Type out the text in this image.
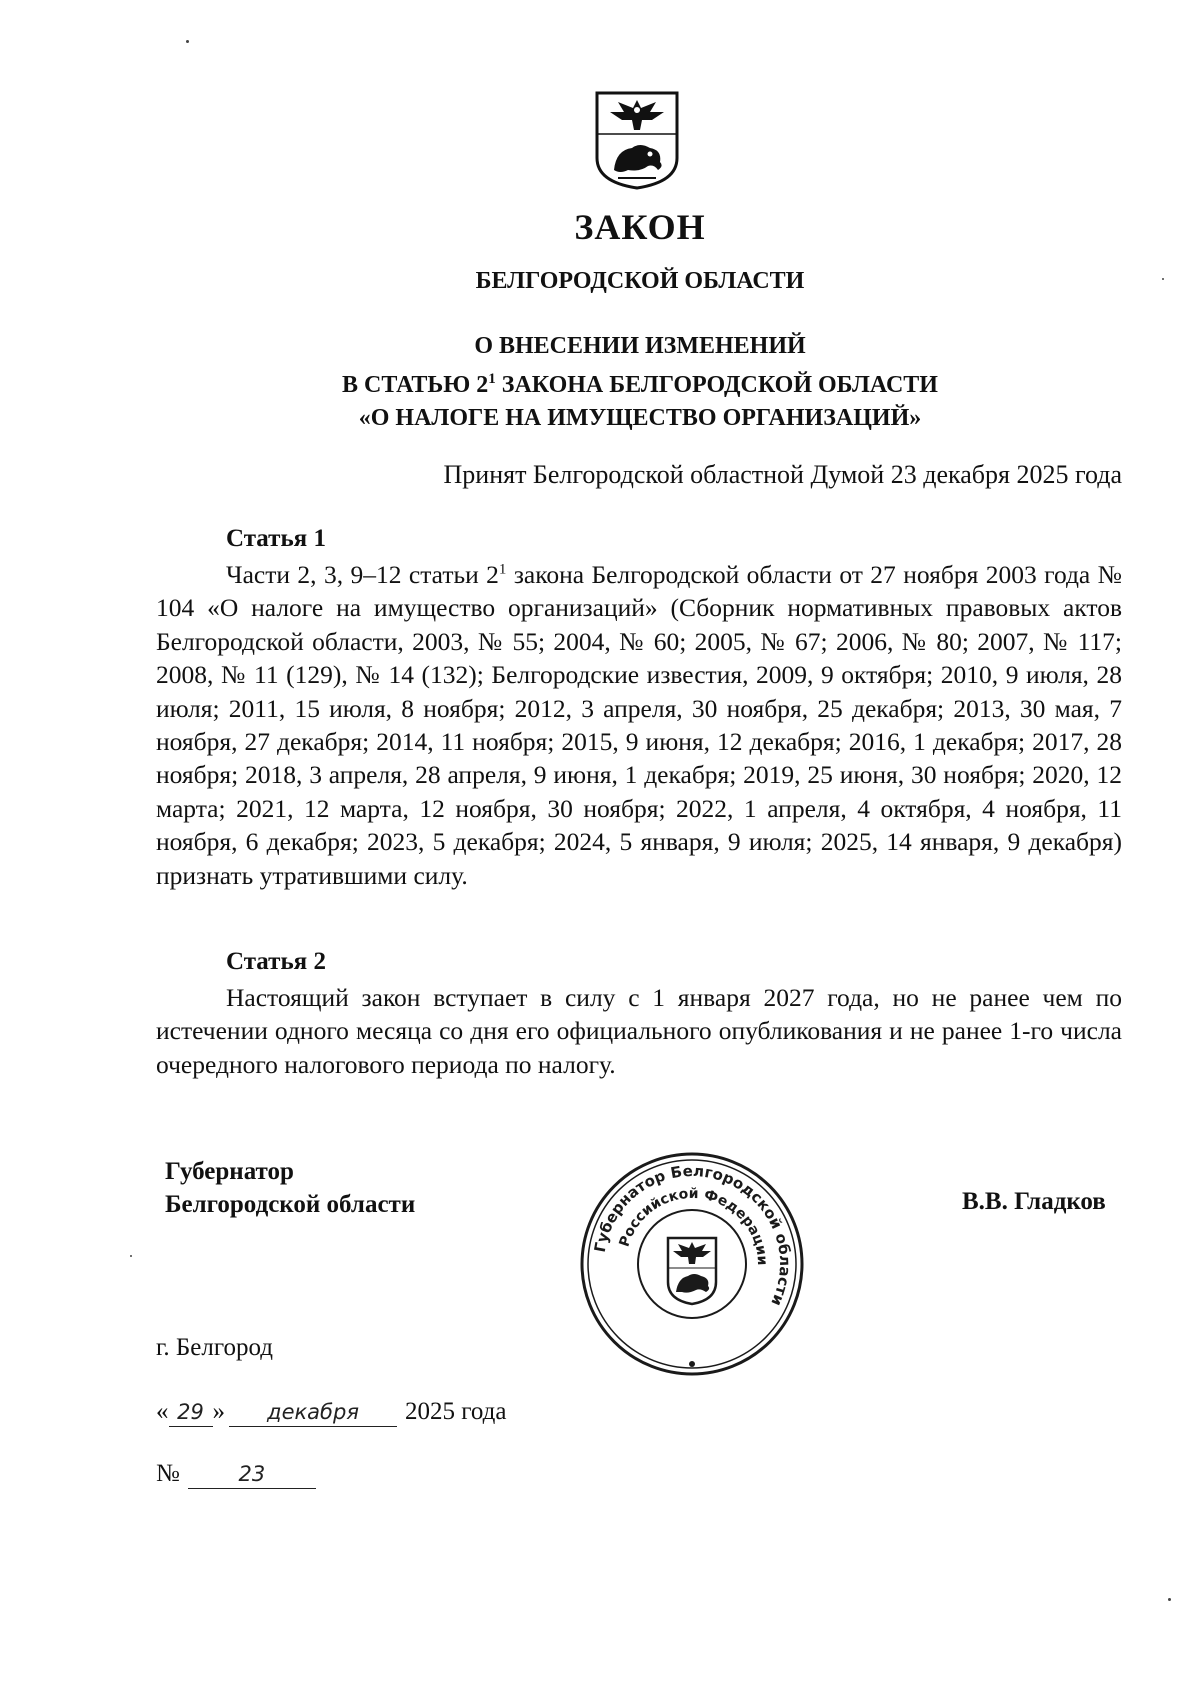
ЗАКОН
БЕЛГОРОДСКОЙ ОБЛАСТИ
О ВНЕСЕНИИ ИЗМЕНЕНИЙ
В СТАТЬЮ $2^1$ ЗАКОНА БЕЛГОРОДСКОЙ ОБЛАСТИ
«О НАЛОГЕ НА ИМУЩЕСТВО ОРГАНИЗАЦИЙ»
Принят Белгородской областной Думой 23 декабря 2025 года
Статья 1
Части 2, 3, 9–12 статьи $2^1$ закона Белгородской области от 27 ноября 2003 года № 104 «О налоге на имущество организаций» (Сборник нормативных правовых актов Белгородской области, 2003, № 55; 2004, № 60; 2005, № 67; 2006, № 80; 2007, № 117; 2008, № 11 (129), № 14 (132); Белгородские известия, 2009, 9 октября; 2010, 9 июля, 28 июля; 2011, 15 июля, 8 ноября; 2012, 3 апреля, 30 ноября, 25 декабря; 2013, 30 мая, 7 ноября, 27 декабря; 2014, 11 ноября; 2015, 9 июня, 12 декабря; 2016, 1 декабря; 2017, 28 ноября; 2018, 3 апреля, 28 апреля, 9 июня, 1 декабря; 2019, 25 июня, 30 ноября; 2020, 12 марта; 2021, 12 марта, 12 ноября, 30 ноября; 2022, 1 апреля, 4 октября, 4 ноября, 11 ноября, 6 декабря; 2023, 5 декабря; 2024, 5 января, 9 июля; 2025, 14 января, 9 декабря) признать утратившими силу.
Статья 2
Настоящий закон вступает в силу с 1 января 2027 года, но не ранее чем по истечении одного месяца со дня его официального опубликования и не ранее 1-го числа очередного налогового периода по налогу.
Губернатор
Белгородской области	В.В. Гладков
Губернатор Белгородской области
Российской Федерации
г. Белгород
« 29 » декабря 2025 года
№	23
